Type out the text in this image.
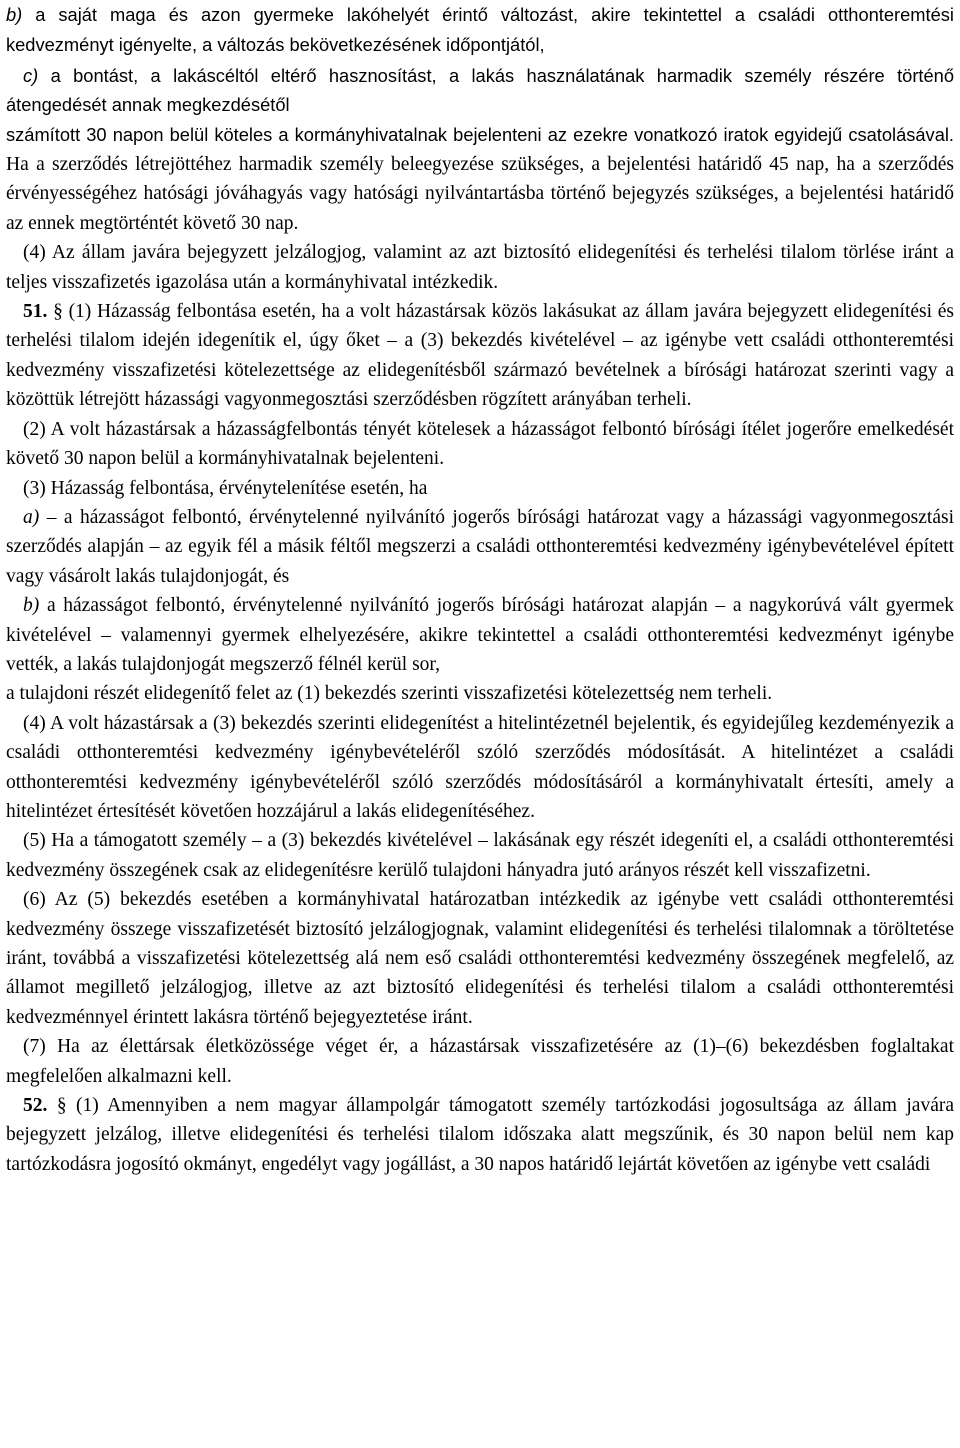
b) a saját maga és azon gyermeke lakóhelyét érintő változást, akire tekintettel a családi otthonteremtési kedvezményt igényelte, a változás bekövetkezésének időpontjától,

c) a bontást, a lakáscéltól eltérő hasznosítást, a lakás használatának harmadik személy részére történő átengedését annak megkezdésétől

számított 30 napon belül köteles a kormányhivatalnak bejelenteni az ezekre vonatkozó iratok egyidejű csatolásával. Ha a szerződés létrejöttéhez harmadik személy beleegyezése szükséges, a bejelentési határidő 45 nap, ha a szerződés érvényességéhez hatósági jóváhagyás vagy hatósági nyilvántartásba történő bejegyzés szükséges, a bejelentési határidő az ennek megtörténtét követő 30 nap.

(4) Az állam javára bejegyzett jelzálogjog, valamint az azt biztosító elidegenítési és terhelési tilalom törlése iránt a teljes visszafizetés igazolása után a kormányhivatal intézkedik.

51. § (1) Házasság felbontása esetén, ha a volt házastársak közös lakásukat az állam javára bejegyzett elidegenítési és terhelési tilalom idején idegenítik el, úgy őket – a (3) bekezdés kivételével – az igénybe vett családi otthonteremtési kedvezmény visszafizetési kötelezettsége az elidegenítésből származó bevételnek a bírósági határozat szerinti vagy a közöttük létrejött házassági vagyonmegosztási szerződésben rögzített arányában terheli.

(2) A volt házastársak a házasságfelbontás tényét kötelesek a házasságot felbontó bírósági ítélet jogerőre emelkedését követő 30 napon belül a kormányhivatalnak bejelenteni.

(3) Házasság felbontása, érvénytelenítése esetén, ha

a) – a házasságot felbontó, érvénytelenné nyilvánító jogerős bírósági határozat vagy a házassági vagyonmegosztási szerződés alapján – az egyik fél a másik féltől megszerzi a családi otthonteremtési kedvezmény igénybevételével épített vagy vásárolt lakás tulajdonjogát, és

b) a házasságot felbontó, érvénytelenné nyilvánító jogerős bírósági határozat alapján – a nagykorúvá vált gyermek kivételével – valamennyi gyermek elhelyezésére, akikre tekintettel a családi otthonteremtési kedvezményt igénybe vették, a lakás tulajdonjogát megszerző félnél kerül sor,

a tulajdoni részét elidegenítő felet az (1) bekezdés szerinti visszafizetési kötelezettség nem terheli.

(4) A volt házastársak a (3) bekezdés szerinti elidegenítést a hitelintézetnél bejelentik, és egyidejűleg kezdeményezik a családi otthonteremtési kedvezmény igénybevételéről szóló szerződés módosítását. A hitelintézet a családi otthonteremtési kedvezmény igénybevételéről szóló szerződés módosításáról a kormányhivatalt értesíti, amely a hitelintézet értesítését követően hozzájárul a lakás elidegenítéséhez.

(5) Ha a támogatott személy – a (3) bekezdés kivételével – lakásának egy részét idegeníti el, a családi otthonteremtési kedvezmény összegének csak az elidegenítésre kerülő tulajdoni hányadra jutó arányos részét kell visszafizetni.

(6) Az (5) bekezdés esetében a kormányhivatal határozatban intézkedik az igénybe vett családi otthonteremtési kedvezmény összege visszafizetését biztosító jelzálogjognak, valamint elidegenítési és terhelési tilalomnak a töröltetése iránt, továbbá a visszafizetési kötelezettség alá nem eső családi otthonteremtési kedvezmény összegének megfelelő, az államot megillető jelzálogjog, illetve az azt biztosító elidegenítési és terhelési tilalom a családi otthonteremtési kedvezménnyel érintett lakásra történő bejegyeztetése iránt.

(7) Ha az élettársak életközössége véget ér, a házastársak visszafizetésére az (1)–(6) bekezdésben foglaltakat megfelelően alkalmazni kell.

52. § (1) Amennyiben a nem magyar állampolgár támogatott személy tartózkodási jogosultsága az állam javára bejegyzett jelzálog, illetve elidegenítési és terhelési tilalom időszaka alatt megszűnik, és 30 napon belül nem kap tartózkodásra jogosító okmányt, engedélyt vagy jogállást, a 30 napos határidő lejártát követően az igénybe vett családi
